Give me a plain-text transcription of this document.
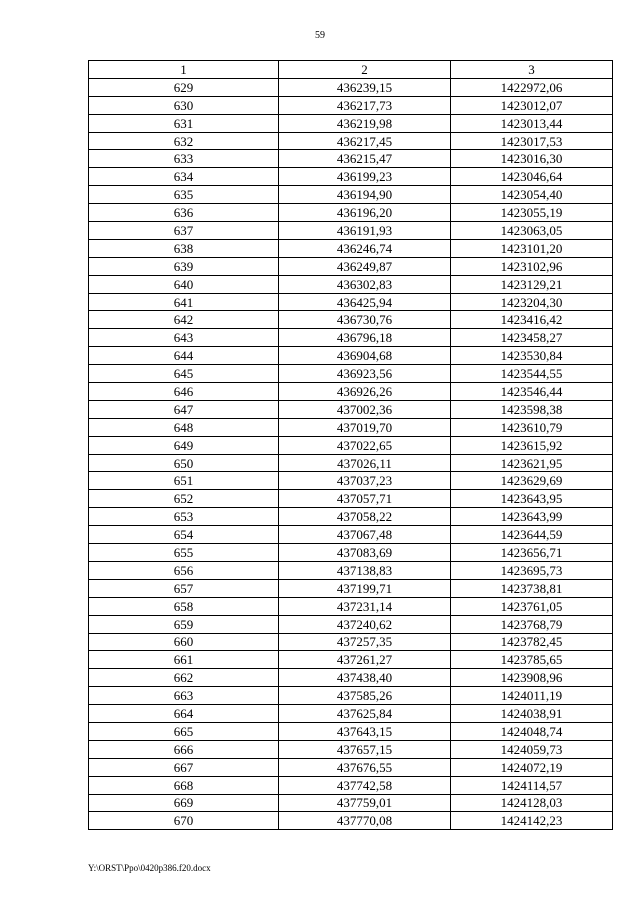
59
1	2	3
629	436239,15	1422972,06
630	436217,73	1423012,07
631	436219,98	1423013,44
632	436217,45	1423017,53
633	436215,47	1423016,30
634	436199,23	1423046,64
635	436194,90	1423054,40
636	436196,20	1423055,19
637	436191,93	1423063,05
638	436246,74	1423101,20
639	436249,87	1423102,96
640	436302,83	1423129,21
641	436425,94	1423204,30
642	436730,76	1423416,42
643	436796,18	1423458,27
644	436904,68	1423530,84
645	436923,56	1423544,55
646	436926,26	1423546,44
647	437002,36	1423598,38
648	437019,70	1423610,79
649	437022,65	1423615,92
650	437026,11	1423621,95
651	437037,23	1423629,69
652	437057,71	1423643,95
653	437058,22	1423643,99
654	437067,48	1423644,59
655	437083,69	1423656,71
656	437138,83	1423695,73
657	437199,71	1423738,81
658	437231,14	1423761,05
659	437240,62	1423768,79
660	437257,35	1423782,45
661	437261,27	1423785,65
662	437438,40	1423908,96
663	437585,26	1424011,19
664	437625,84	1424038,91
665	437643,15	1424048,74
666	437657,15	1424059,73
667	437676,55	1424072,19
668	437742,58	1424114,57
669	437759,01	1424128,03
670	437770,08	1424142,23
Y:\ORST\Ppo\0420p386.f20.docx
